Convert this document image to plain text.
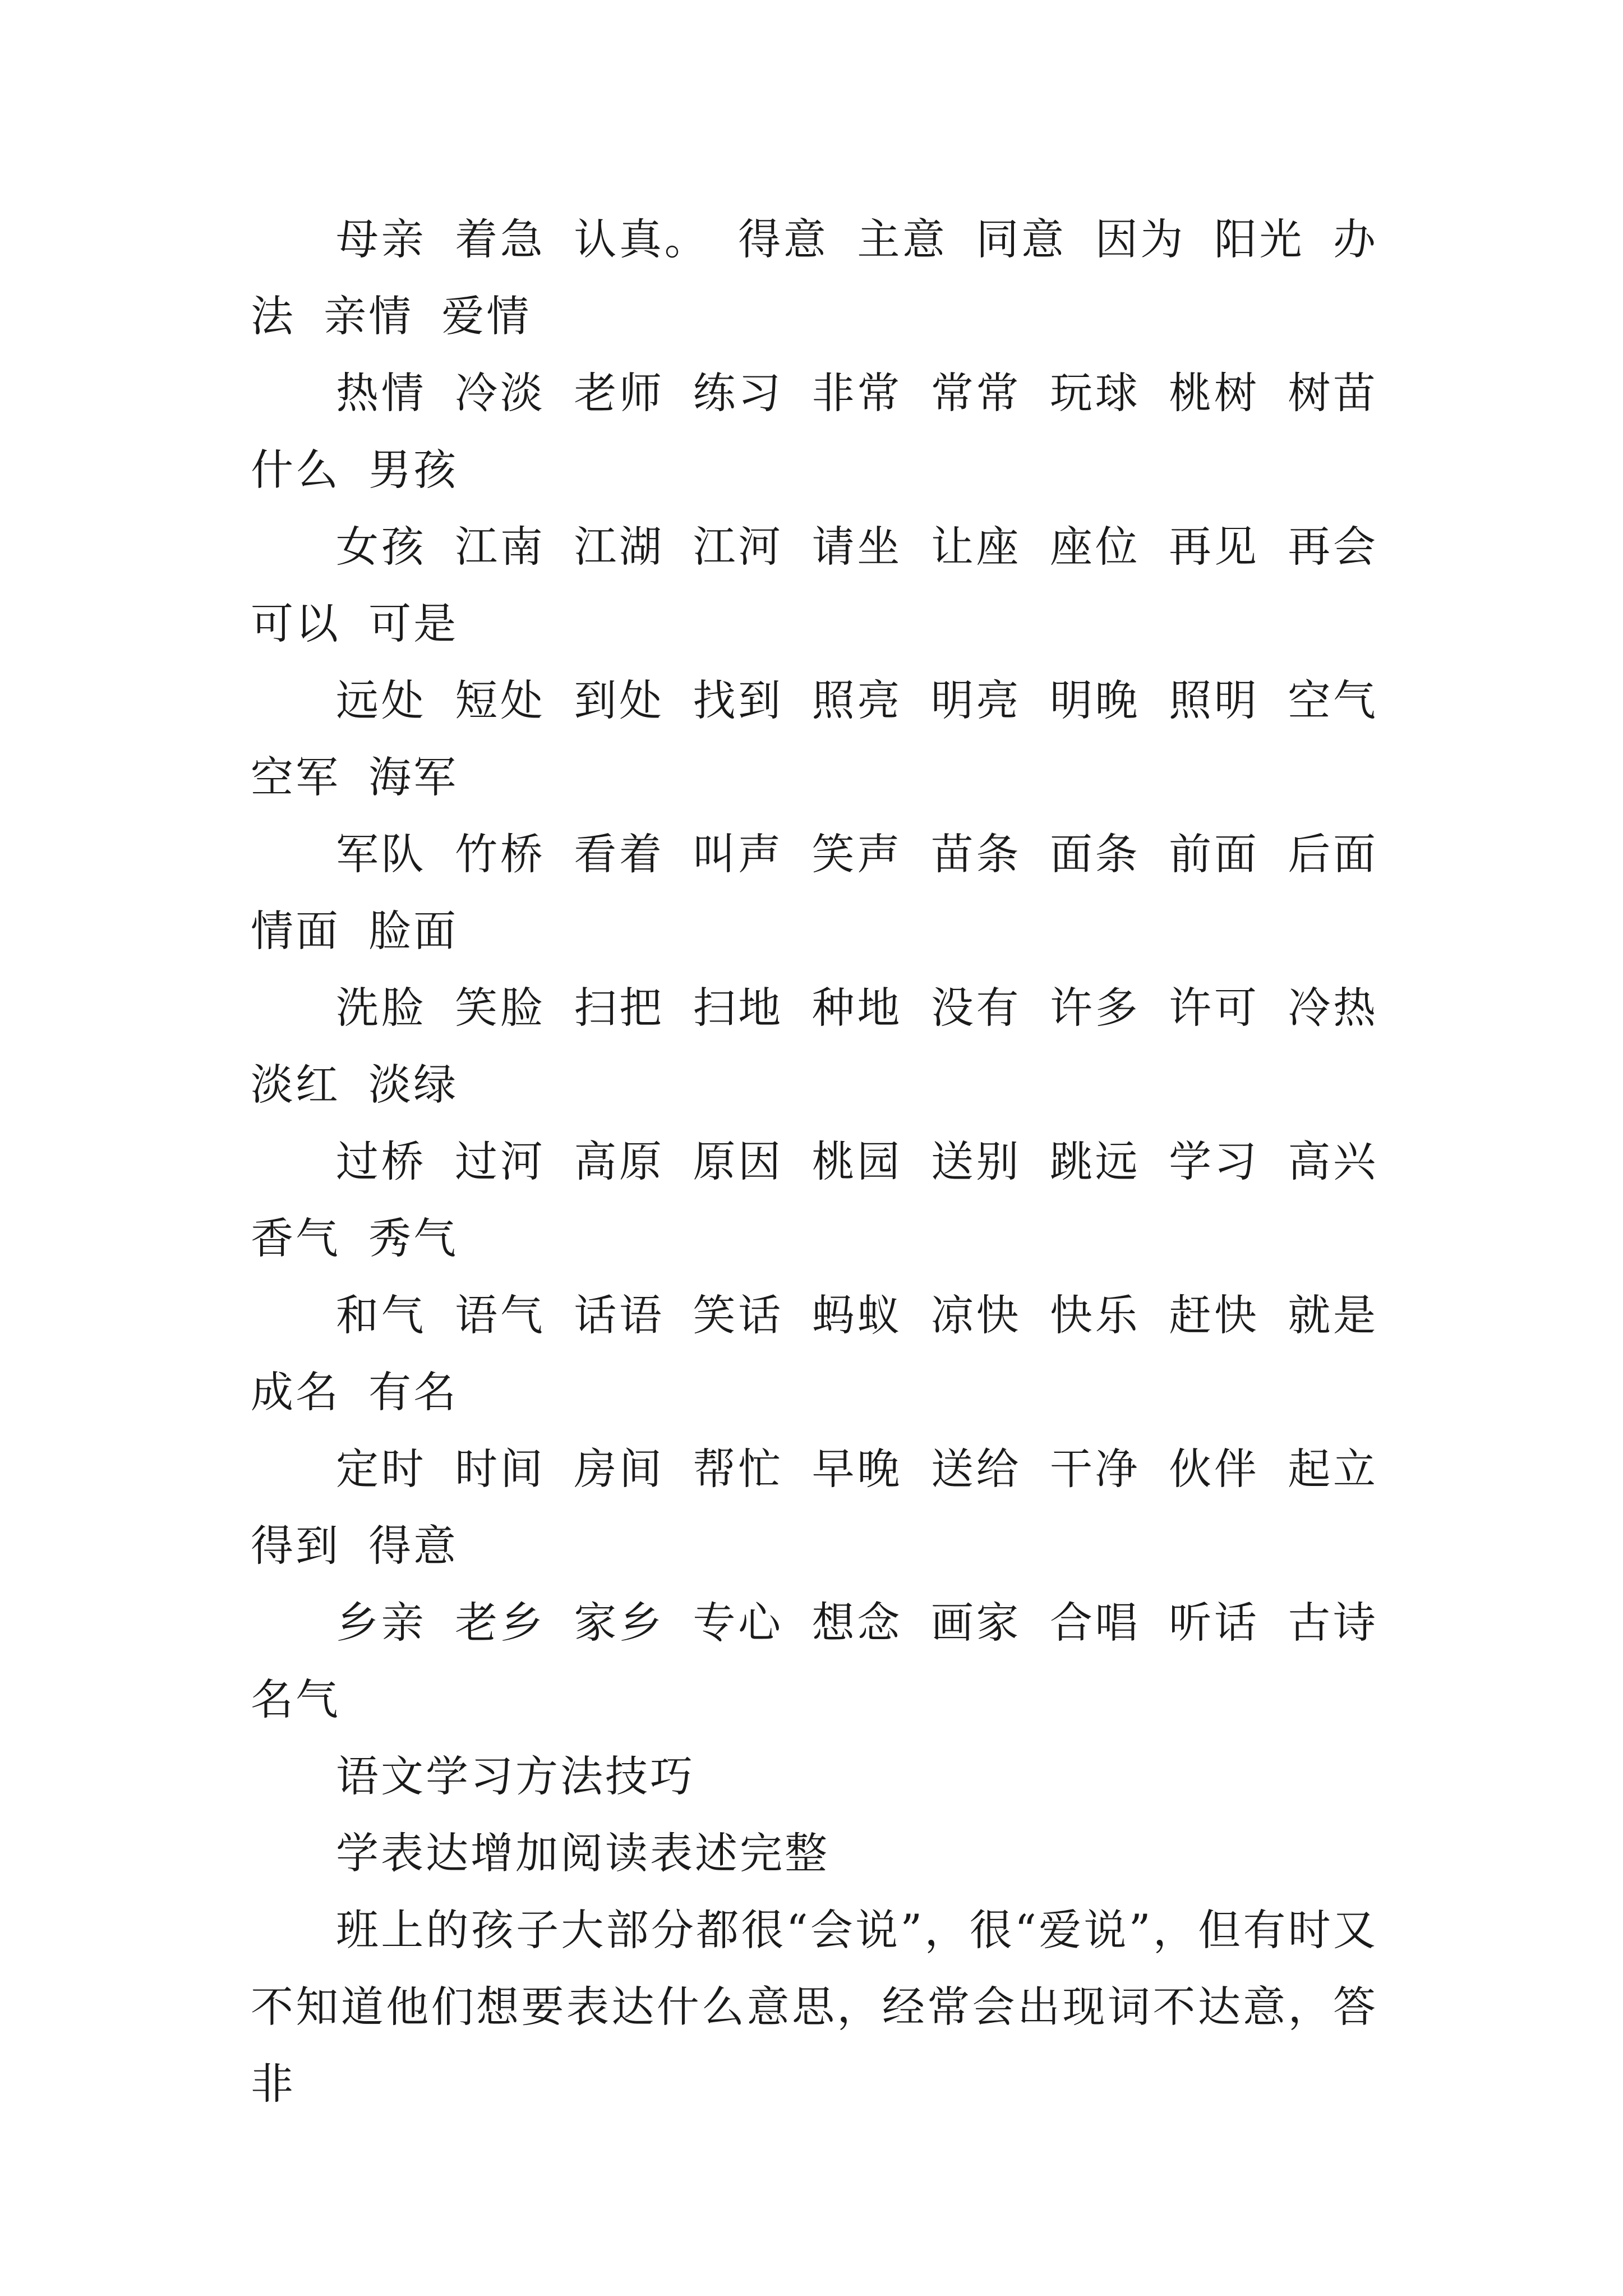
母亲 着急 认真。 得意 主意 同意 因为 阳光 办法 亲情 爱情

热情 冷淡 老师 练习 非常 常常 玩球 桃树 树苗 什么 男孩

女孩 江南 江湖 江河 请坐 让座 座位 再见 再会 可以 可是

远处 短处 到处 找到 照亮 明亮 明晚 照明 空气 空军 海军

军队 竹桥 看着 叫声 笑声 苗条 面条 前面 后面 情面 脸面

洗脸 笑脸 扫把 扫地 种地 没有 许多 许可 冷热 淡红 淡绿

过桥 过河 高原 原因 桃园 送别 跳远 学习 高兴 香气 秀气

和气 语气 话语 笑话 蚂蚁 凉快 快乐 赶快 就是 成名 有名

定时 时间 房间 帮忙 早晚 送给 干净 伙伴 起立 得到 得意

乡亲 老乡 家乡 专心 想念 画家 合唱 听话 古诗 名气

语文学习方法技巧

学表达增加阅读表述完整

班上的孩子大部分都很“会说”，很“爱说”，但有时又不知道他们想要表达什么意思，经常会出现词不达意，答非
